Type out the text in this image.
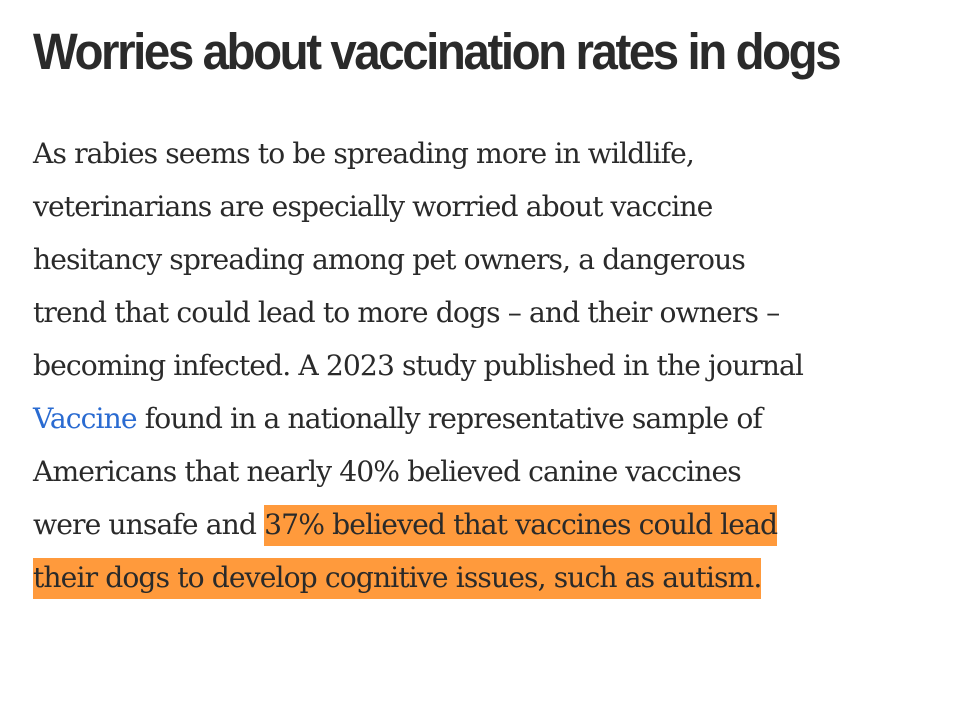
Worries about vaccination rates in dogs

As rabies seems to be spreading more in wildlife,
veterinarians are especially worried about vaccine
hesitancy spreading among pet owners, a dangerous
trend that could lead to more dogs – and their owners –
becoming infected. A 2023 study published in the journal
Vaccine found in a nationally representative sample of
Americans that nearly 40% believed canine vaccines
were unsafe and 37% believed that vaccines could lead
their dogs to develop cognitive issues, such as autism.
